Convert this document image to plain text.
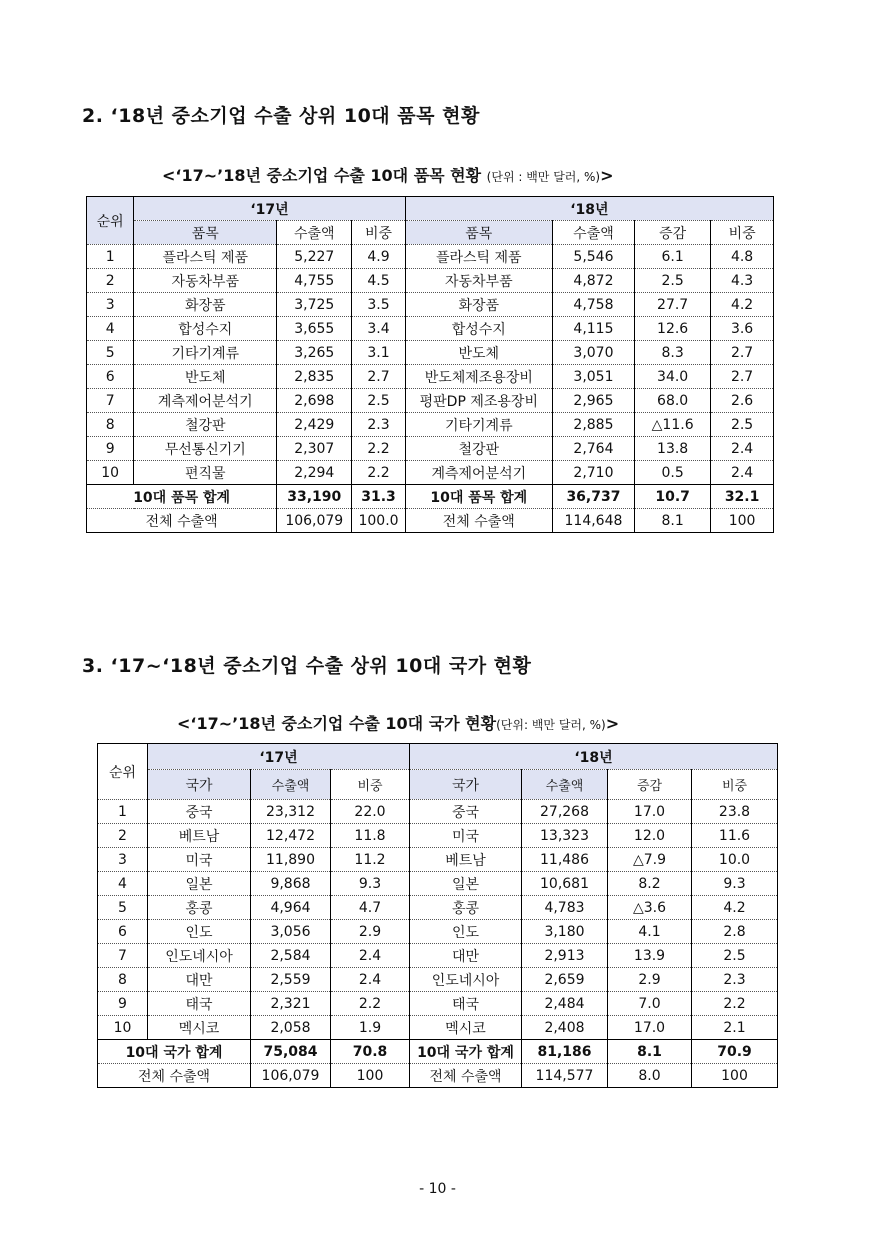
2. ‘18년 중소기업 수출 상위 10대 품목 현황
<‘17~’18년 중소기업 수출 10대 품목 현황 (단위 : 백만 달러, %)>
순위	‘17년			‘18년			
	품목	수출액	비중	품목	수출액	증감	비중
1	플라스틱 제품	5,227	4.9	플라스틱 제품	5,546	6.1	4.8
2	자동차부품	4,755	4.5	자동차부품	4,872	2.5	4.3
3	화장품	3,725	3.5	화장품	4,758	27.7	4.2
4	합성수지	3,655	3.4	합성수지	4,115	12.6	3.6
5	기타기계류	3,265	3.1	반도체	3,070	8.3	2.7
6	반도체	2,835	2.7	반도체제조용장비	3,051	34.0	2.7
7	계측제어분석기	2,698	2.5	평판DP 제조용장비	2,965	68.0	2.6
8	철강판	2,429	2.3	기타기계류	2,885	△11.6	2.5
9	무선통신기기	2,307	2.2	철강판	2,764	13.8	2.4
10	편직물	2,294	2.2	계측제어분석기	2,710	0.5	2.4
10대 품목 합계		33,190	31.3	10대 품목 합계	36,737	10.7	32.1
전체 수출액		106,079	100.0	전체 수출액	114,648	8.1	100
3. ‘17~‘18년 중소기업 수출 상위 10대 국가 현황
<‘17~’18년 중소기업 수출 10대 국가 현황(단위: 백만 달러, %)>
순위	‘17년			‘18년			
	국가	수출액	비중	국가	수출액	증감	비중
1	중국	23,312	22.0	중국	27,268	17.0	23.8
2	베트남	12,472	11.8	미국	13,323	12.0	11.6
3	미국	11,890	11.2	베트남	11,486	△7.9	10.0
4	일본	9,868	9.3	일본	10,681	8.2	9.3
5	홍콩	4,964	4.7	홍콩	4,783	△3.6	4.2
6	인도	3,056	2.9	인도	3,180	4.1	2.8
7	인도네시아	2,584	2.4	대만	2,913	13.9	2.5
8	대만	2,559	2.4	인도네시아	2,659	2.9	2.3
9	태국	2,321	2.2	태국	2,484	7.0	2.2
10	멕시코	2,058	1.9	멕시코	2,408	17.0	2.1
10대 국가 합계		75,084	70.8	10대 국가 합계	81,186	8.1	70.9
전체 수출액		106,079	100	전체 수출액	114,577	8.0	100
- 10 -
